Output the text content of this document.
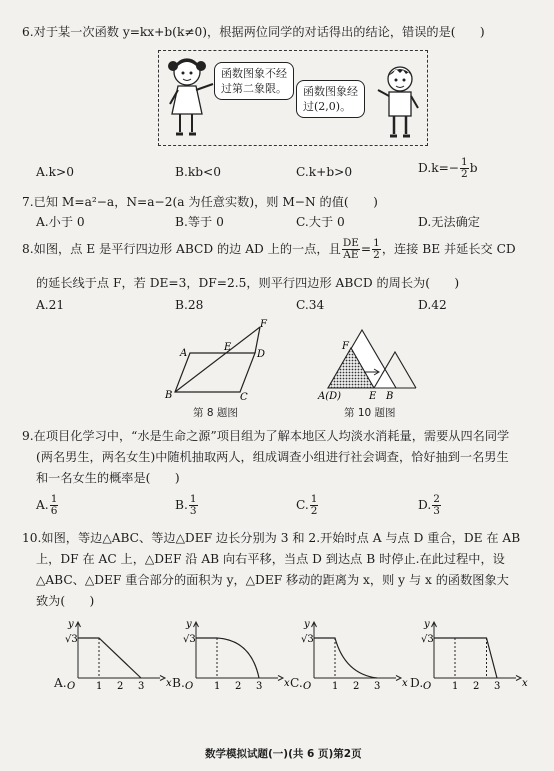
6.对于某一次函数 y=kx+b(k≠0)，根据两位同学的对话得出的结论，错误的是(　　)
函数图象不经
过第二象限。 函数图象经
过(2,0)。
A.k>0	B.kb<0	C.k+b>0	$D.k=- \frac{1}{2}$ b
7.已知 M=a²−a，N=a−2(a 为任意实数)，则 M−N 的值(　　)
A.小于 0	B.等于 0	C.大于 0	D.无法确定
8.如图，点 E 是平行四边形 ABCD 的边 AD 上的一点，且 $\frac{DE}{AE} = \frac{1}{2}$ ，连接 BE 并延长交 CD
的延长线于点 F，若 DE=3，DF=2.5，则平行四边形 ABCD 的周长为(　　)
A.21	B.28	C.34	D.42
A	D
E
F
B	C
第 8 题图
F
A(D)	E B
第 10 题图
9.在项目化学习中，“水是生命之源”项目组为了解本地区人均淡水消耗量，需要从四名同学
(两名男生，两名女生)中随机抽取两人，组成调查小组进行社会调查，恰好抽到一名男生
和一名女生的概率是(　　)
A. $\frac{1}{6}$	B. $\frac{1}{3}$	C. $\frac{1}{2}$	D. $\frac{2}{3}$
10.如图，等边△ABC、等边△DEF 边长分别为 3 和 2.开始时点 A 与点 D 重合，DE 在 AB
上，DF 在 AC 上，△DEF 沿 AB 向右平移，当点 D 到达点 B 时停止.在此过程中，设
△ABC、△DEF 重合部分的面积为 y，△DEF 移动的距离为 x，则 y 与 x 的函数图象大
致为(　　)
A.
y
x
O
√3
1 2 3 B.
y
x
O
√3
1 2 3 C.
y
x
O
√3
1 2 3 D.
y
x
O
√3
1 2 3
数学模拟试题(一)(共 6 页)第2页
